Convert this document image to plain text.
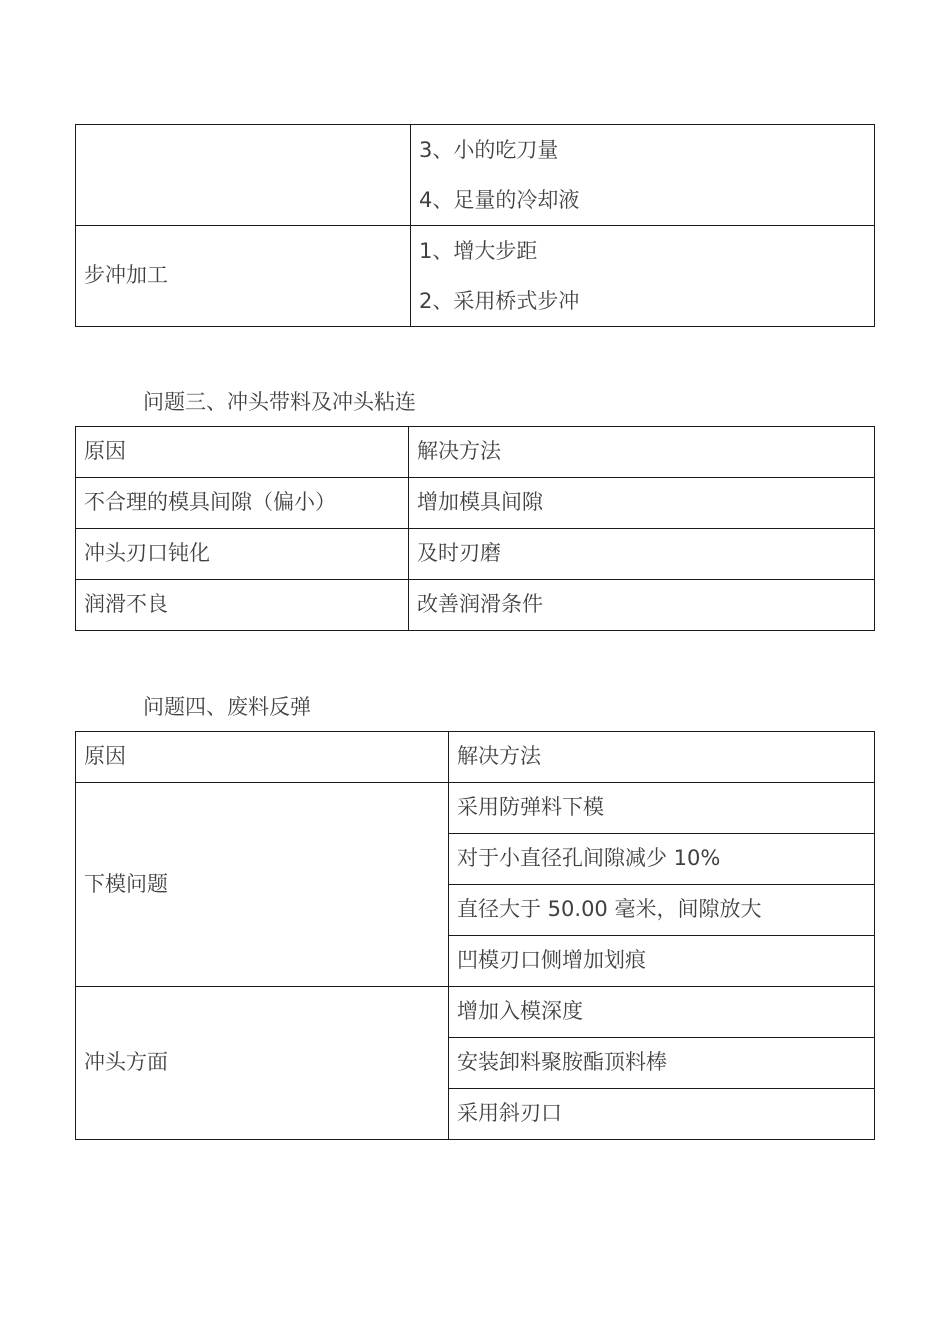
	3、小的吃刀量
4、足量的冷却液

步冲加工	1、增大步距
2、采用桥式步冲
问题三、冲头带料及冲头粘连
原因	解决方法
不合理的模具间隙（偏小）	增加模具间隙
冲头刃口钝化	及时刃磨
润滑不良	改善润滑条件
问题四、废料反弹
原因	解决方法
下模问题	采用防弹料下模
	对于小直径孔间隙减少 10%
	直径大于 50.00 毫米，间隙放大
	凹模刃口侧增加划痕
冲头方面	增加入模深度
	安装卸料聚胺酯顶料棒
	采用斜刃口
